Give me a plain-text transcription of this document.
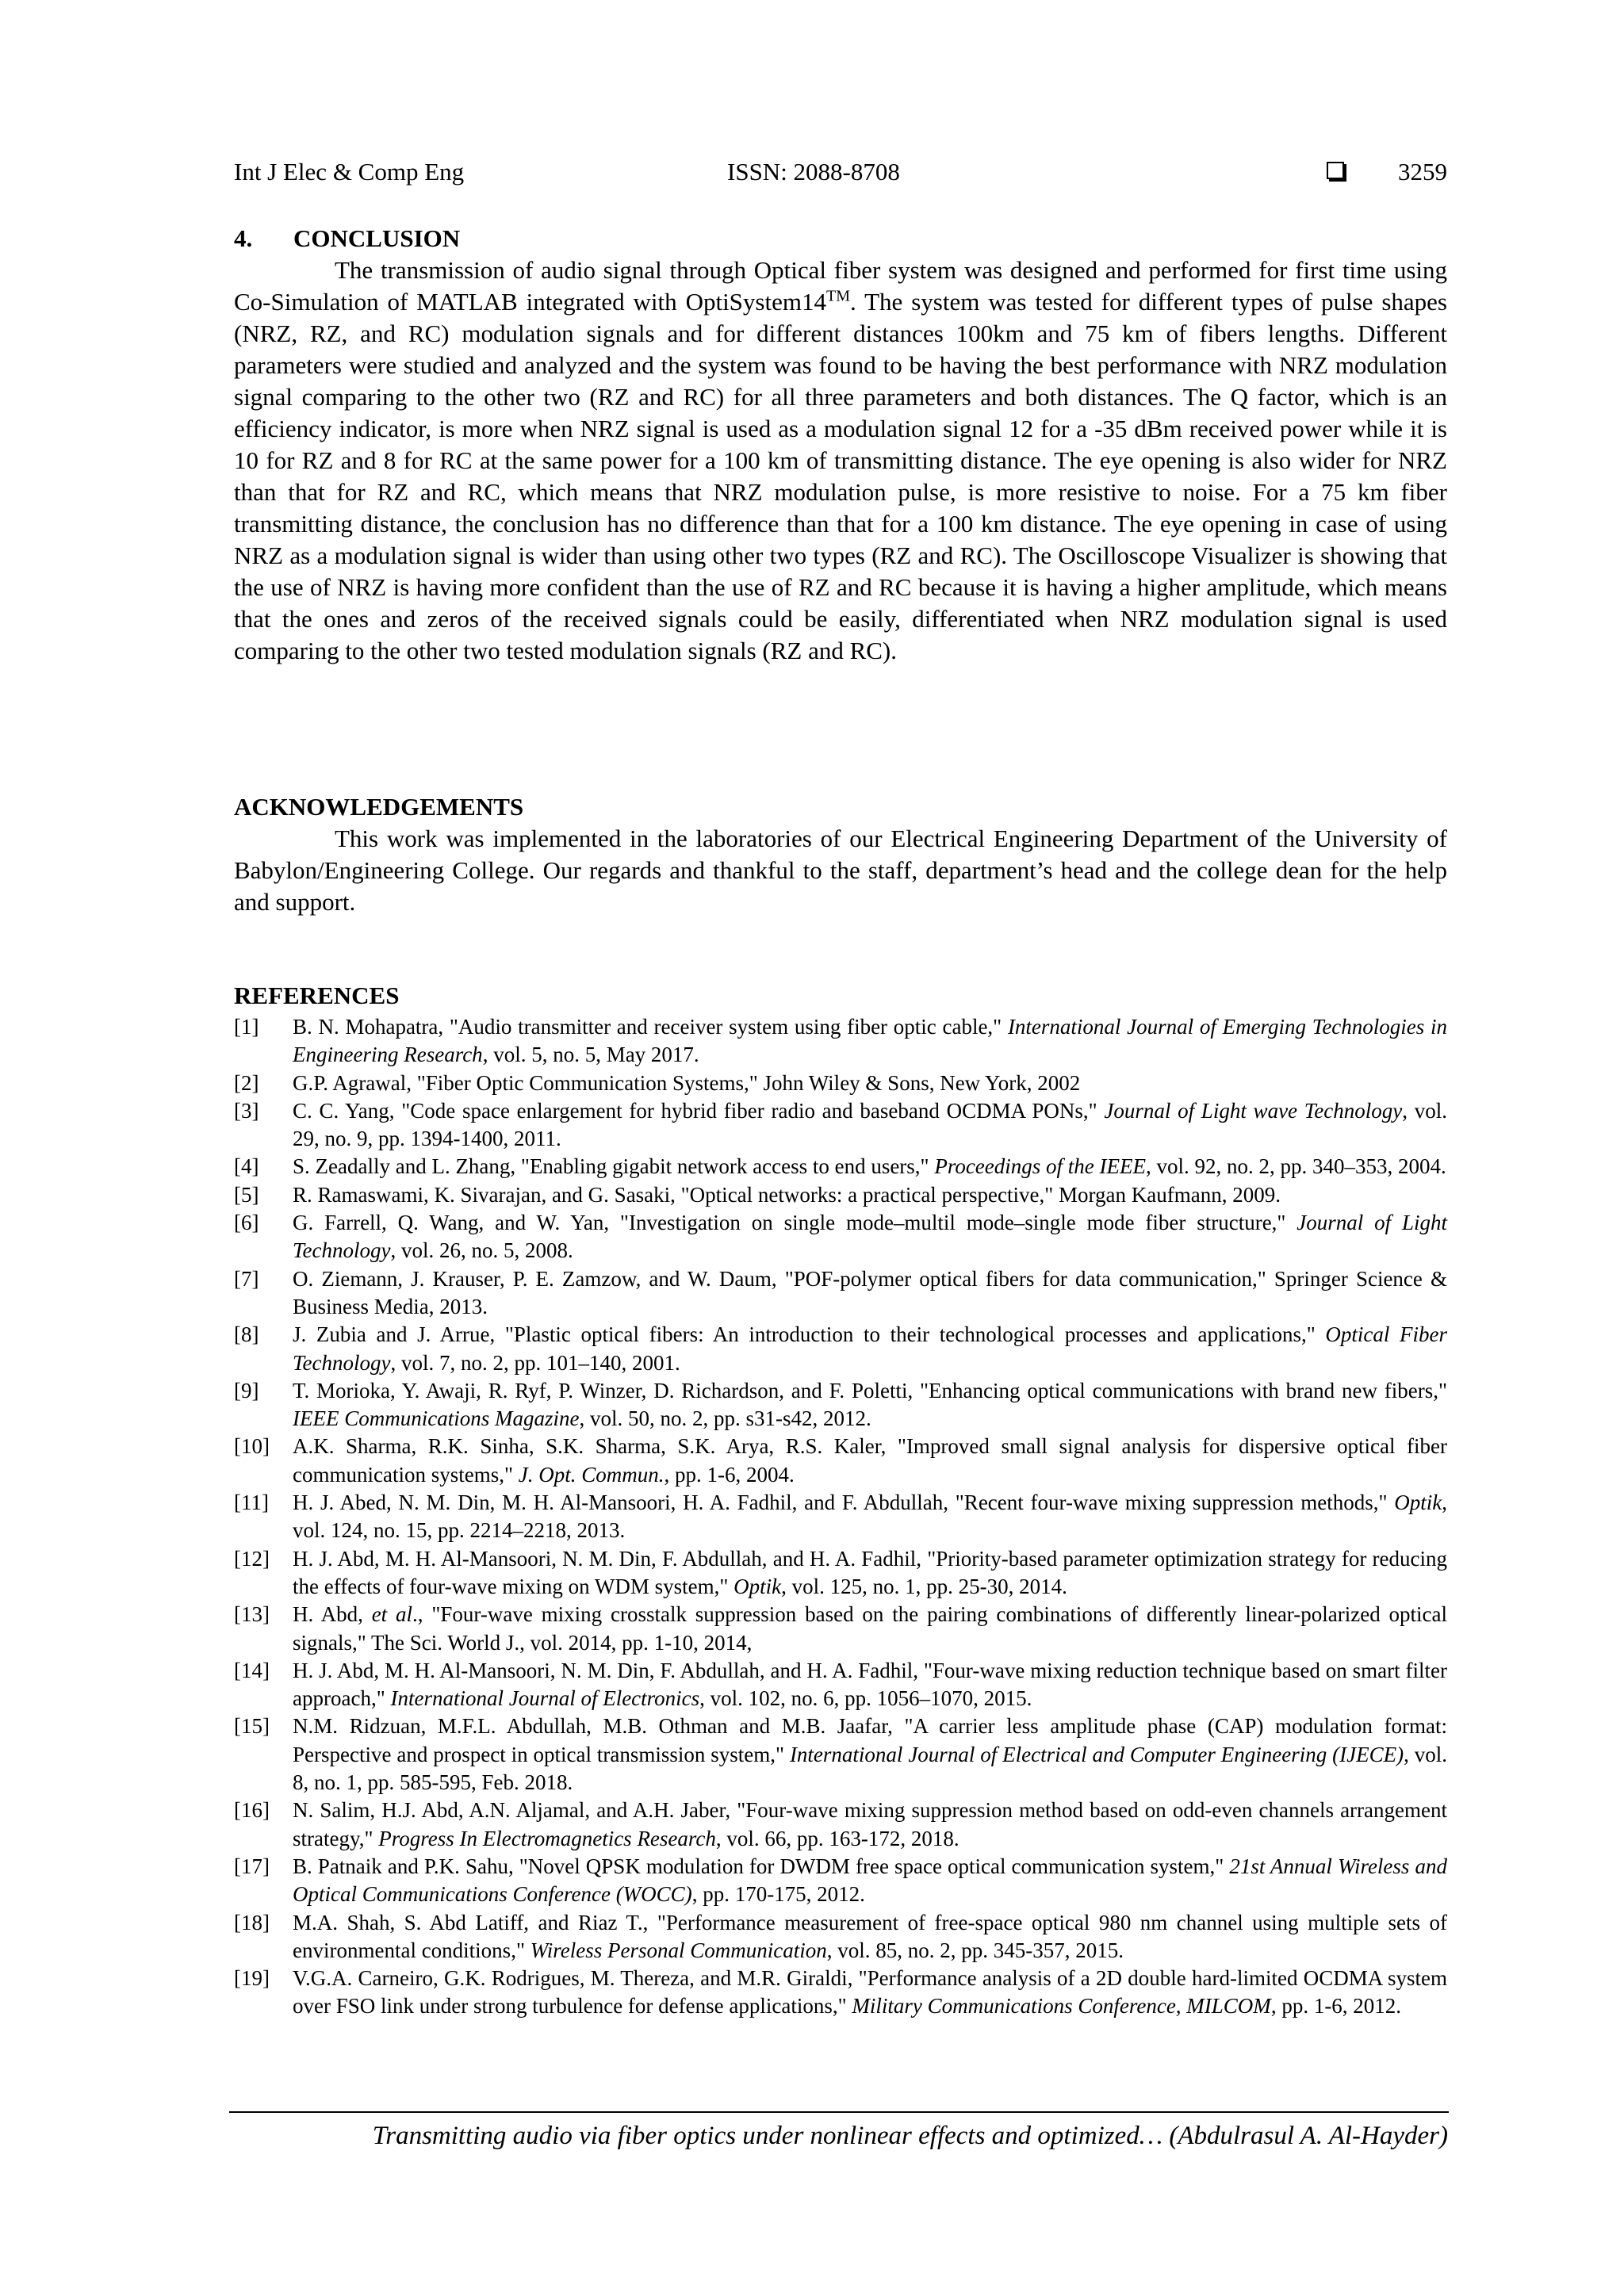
Int J Elec & Comp Eng	ISSN: 2088-8708	3259
4. CONCLUSION

The transmission of audio signal through Optical fiber system was designed and performed for first time using Co-Simulation of MATLAB integrated with OptiSystem14™. The system was tested for different types of pulse shapes (NRZ, RZ, and RC) modulation signals and for different distances 100km and 75 km of fibers lengths. Different parameters were studied and analyzed and the system was found to be having the best performance with NRZ modulation signal comparing to the other two (RZ and RC) for all three parameters and both distances. The Q factor, which is an efficiency indicator, is more when NRZ signal is used as a modulation signal 12 for a -35 dBm received power while it is 10 for RZ and 8 for RC at the same power for a 100 km of transmitting distance. The eye opening is also wider for NRZ than that for RZ and RC, which means that NRZ modulation pulse, is more resistive to noise. For a 75 km fiber transmitting distance, the conclusion has no difference than that for a 100 km distance. The eye opening in case of using NRZ as a modulation signal is wider than using other two types (RZ and RC). The Oscilloscope Visualizer is showing that the use of NRZ is having more confident than the use of RZ and RC because it is having a higher amplitude, which means that the ones and zeros of the received signals could be easily, differentiated when NRZ modulation signal is used comparing to the other two tested modulation signals (RZ and RC).

ACKNOWLEDGEMENTS

This work was implemented in the laboratories of our Electrical Engineering Department of the University of Babylon/Engineering College. Our regards and thankful to the staff, department’s head and the college dean for the help and support.

REFERENCES
[1] B. N. Mohapatra, "Audio transmitter and receiver system using fiber optic cable," International Journal of Emerging Technologies in Engineering Research, vol. 5, no. 5, May 2017.
[2] G.P. Agrawal, "Fiber Optic Communication Systems," John Wiley & Sons, New York, 2002
[3] C. C. Yang, "Code space enlargement for hybrid fiber radio and baseband OCDMA PONs," Journal of Light wave Technology, vol. 29, no. 9, pp. 1394-1400, 2011.
[4] S. Zeadally and L. Zhang, "Enabling gigabit network access to end users," Proceedings of the IEEE, vol. 92, no. 2, pp. 340–353, 2004.
[5] R. Ramaswami, K. Sivarajan, and G. Sasaki, "Optical networks: a practical perspective," Morgan Kaufmann, 2009.
[6] G. Farrell, Q. Wang, and W. Yan, "Investigation on single mode–multil mode–single mode fiber structure," Journal of Light Technology, vol. 26, no. 5, 2008.
[7] O. Ziemann, J. Krauser, P. E. Zamzow, and W. Daum, "POF-polymer optical fibers for data communication," Springer Science & Business Media, 2013.
[8] J. Zubia and J. Arrue, "Plastic optical fibers: An introduction to their technological processes and applications," Optical Fiber Technology, vol. 7, no. 2, pp. 101–140, 2001.
[9] T. Morioka, Y. Awaji, R. Ryf, P. Winzer, D. Richardson, and F. Poletti, "Enhancing optical communications with brand new fibers," IEEE Communications Magazine, vol. 50, no. 2, pp. s31-s42, 2012.
[10] A.K. Sharma, R.K. Sinha, S.K. Sharma, S.K. Arya, R.S. Kaler, "Improved small signal analysis for dispersive optical fiber communication systems," J. Opt. Commun., pp. 1-6, 2004.
[11] H. J. Abed, N. M. Din, M. H. Al-Mansoori, H. A. Fadhil, and F. Abdullah, "Recent four-wave mixing suppression methods," Optik, vol. 124, no. 15, pp. 2214–2218, 2013.
[12] H. J. Abd, M. H. Al-Mansoori, N. M. Din, F. Abdullah, and H. A. Fadhil, "Priority-based parameter optimization strategy for reducing the effects of four-wave mixing on WDM system," Optik, vol. 125, no. 1, pp. 25-30, 2014.
[13] H. Abd, et al., "Four-wave mixing crosstalk suppression based on the pairing combinations of differently linear-polarized optical signals," The Sci. World J., vol. 2014, pp. 1-10, 2014,
[14] H. J. Abd, M. H. Al-Mansoori, N. M. Din, F. Abdullah, and H. A. Fadhil, "Four-wave mixing reduction technique based on smart filter approach," International Journal of Electronics, vol. 102, no. 6, pp. 1056–1070, 2015.
[15] N.M. Ridzuan, M.F.L. Abdullah, M.B. Othman and M.B. Jaafar, "A carrier less amplitude phase (CAP) modulation format: Perspective and prospect in optical transmission system," International Journal of Electrical and Computer Engineering (IJECE), vol. 8, no. 1, pp. 585-595, Feb. 2018.
[16] N. Salim, H.J. Abd, A.N. Aljamal, and A.H. Jaber, "Four-wave mixing suppression method based on odd-even channels arrangement strategy," Progress In Electromagnetics Research, vol. 66, pp. 163-172, 2018.
[17] B. Patnaik and P.K. Sahu, "Novel QPSK modulation for DWDM free space optical communication system," 21st Annual Wireless and Optical Communications Conference (WOCC), pp. 170-175, 2012.
[18] M.A. Shah, S. Abd Latiff, and Riaz T., "Performance measurement of free-space optical 980 nm channel using multiple sets of environmental conditions," Wireless Personal Communication, vol. 85, no. 2, pp. 345-357, 2015.
[19] V.G.A. Carneiro, G.K. Rodrigues, M. Thereza, and M.R. Giraldi, "Performance analysis of a 2D double hard-limited OCDMA system over FSO link under strong turbulence for defense applications," Military Communications Conference, MILCOM, pp. 1-6, 2012.
Transmitting audio via fiber optics under nonlinear effects and optimized… (Abdulrasul A. Al-Hayder)
